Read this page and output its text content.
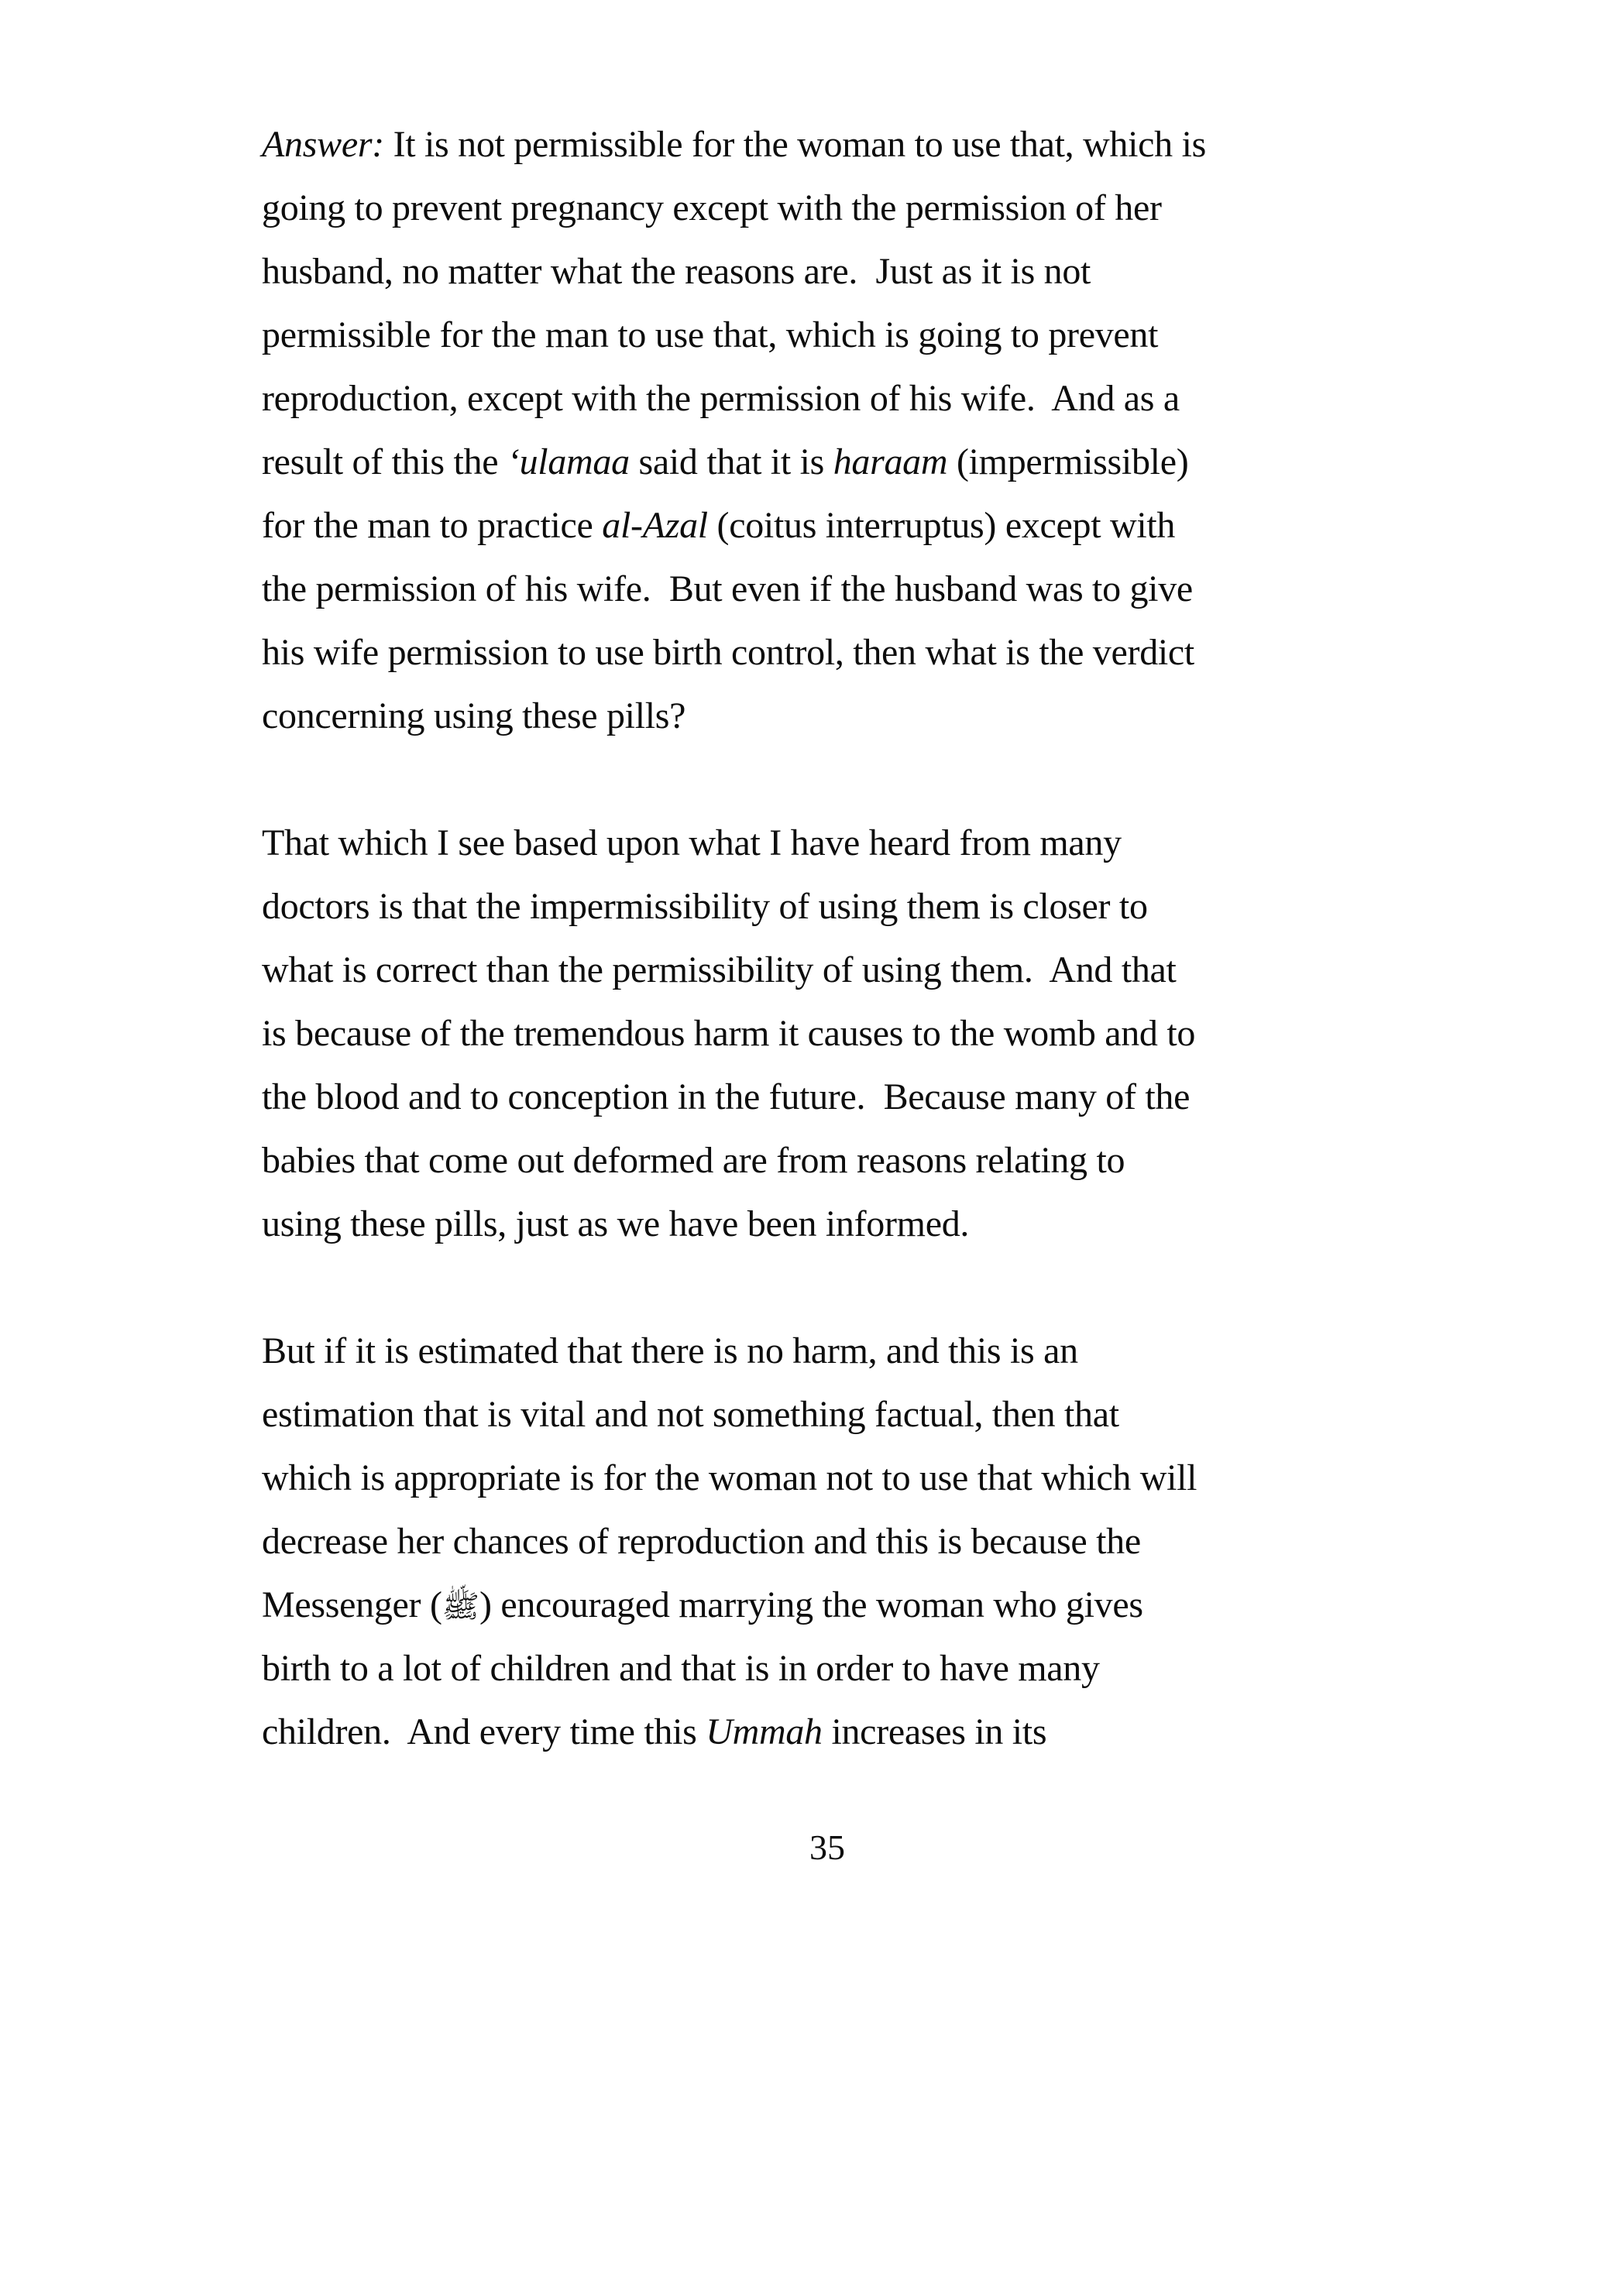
Answer: It is not permissible for the woman to use that, which is
going to prevent pregnancy except with the permission of her
husband, no matter what the reasons are.  Just as it is not
permissible for the man to use that, which is going to prevent
reproduction, except with the permission of his wife.  And as a
result of this the ‘ulamaa said that it is haraam (impermissible)
for the man to practice al-Azal (coitus interruptus) except with
the permission of his wife.  But even if the husband was to give
his wife permission to use birth control, then what is the verdict
concerning using these pills?
That which I see based upon what I have heard from many
doctors is that the impermissibility of using them is closer to
what is correct than the permissibility of using them.  And that
is because of the tremendous harm it causes to the womb and to
the blood and to conception in the future.  Because many of the
babies that come out deformed are from reasons relating to
using these pills, just as we have been informed.
But if it is estimated that there is no harm, and this is an
estimation that is vital and not something factual, then that
which is appropriate is for the woman not to use that which will
decrease her chances of reproduction and this is because the
Messenger (ﷺ) encouraged marrying the woman who gives
birth to a lot of children and that is in order to have many
children.  And every time this Ummah increases in its
35
